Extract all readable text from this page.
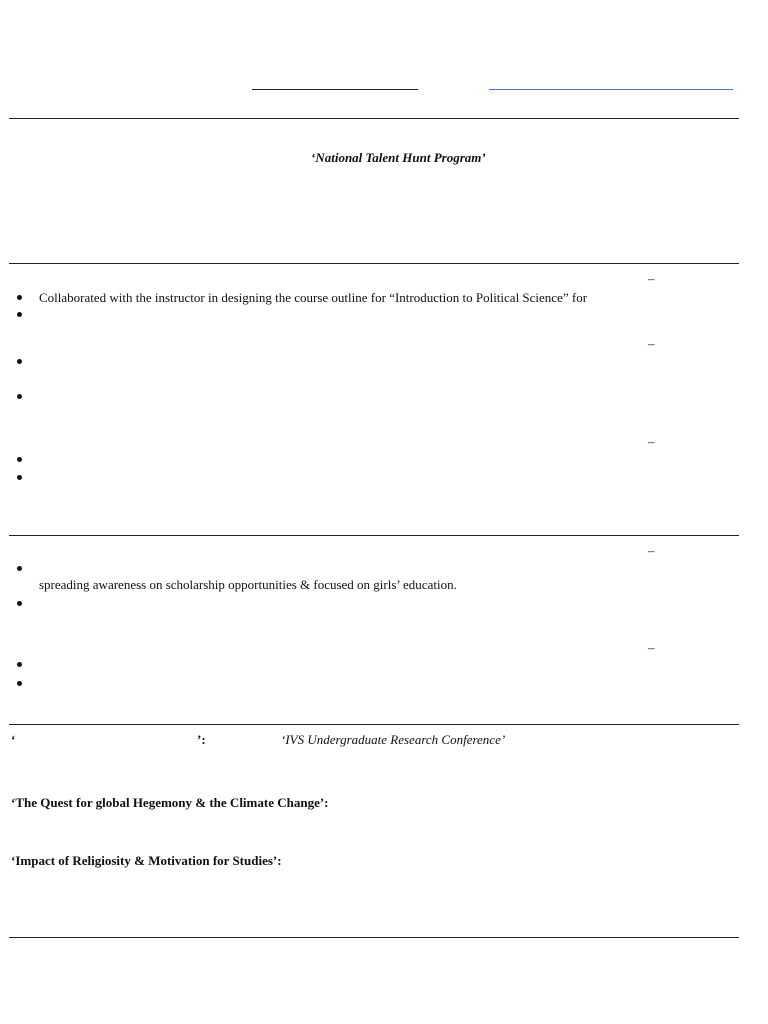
‘National Talent Hunt Program’
–
Collaborated with the instructor in designing the course outline for “Introduction to Political Science” for
–
–
–
spreading awareness on scholarship opportunities & focused on girls’ education.
–
‘	’:	‘IVS Undergraduate Research Conference’
‘The Quest for global Hegemony & the Climate Change’:
‘Impact of Religiosity & Motivation for Studies’:
